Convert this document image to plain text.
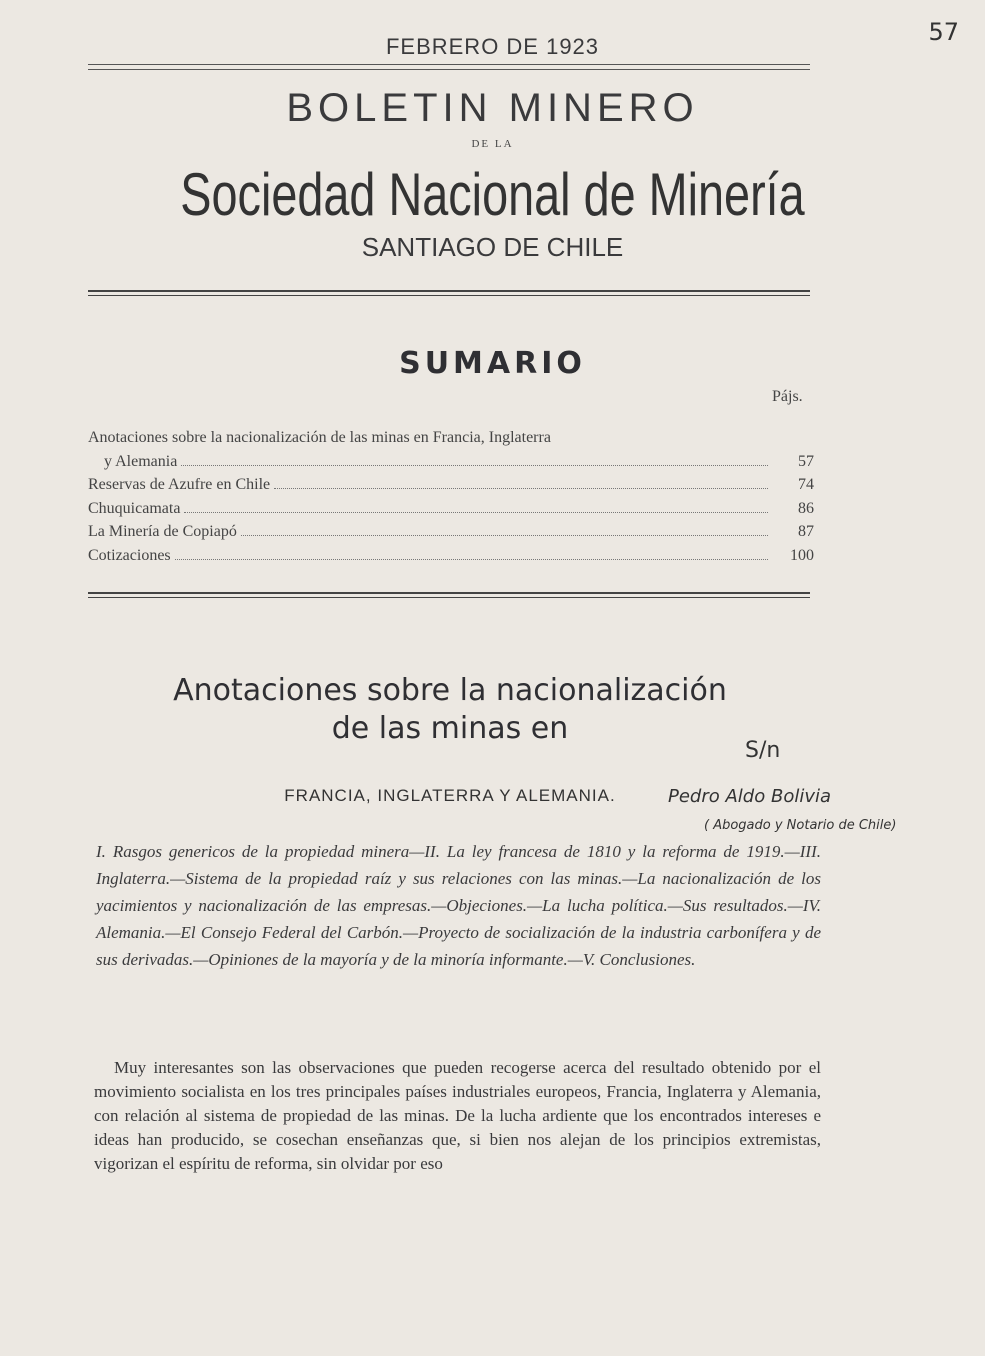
57
FEBRERO DE 1923
BOLETIN MINERO
DE LA
Sociedad Nacional de Minería
SANTIAGO DE CHILE
SUMARIO
Pájs.
Anotaciones sobre la nacionalización de las minas en Francia, Inglaterra
y Alemania	57
Reservas de Azufre en Chile	74
Chuquicamata	86
La Minería de Copiapó	87
Cotizaciones	100
Anotaciones sobre la nacionalización
de las minas en
S/n
FRANCIA, INGLATERRA Y ALEMANIA.	Pedro Aldo Bolivia
( Abogado y Notario de Chile)
I. Rasgos genericos de la propiedad minera—II. La ley francesa de 1810 y la reforma de 1919.—III. Inglaterra.—Sistema de la propiedad raíz y sus relaciones con las minas.—La nacionalización de los yacimientos y nacionalización de las empresas.—Objeciones.—La lucha política.—Sus resultados.—IV. Alemania.—El Consejo Federal del Carbón.—Proyecto de socialización de la industria carbonífera y de sus derivadas.—Opiniones de la mayoría y de la minoría informante.—V. Conclusiones.
Muy interesantes son las observaciones que pueden recogerse acerca del resultado obtenido por el movimiento socialista en los tres principales países industriales europeos, Francia, Inglaterra y Alemania, con relación al sistema de propiedad de las minas. De la lucha ardiente que los encontrados intereses e ideas han producido, se cosechan enseñanzas que, si bien nos alejan de los principios extremistas, vigorizan el espíritu de reforma, sin olvidar por eso
